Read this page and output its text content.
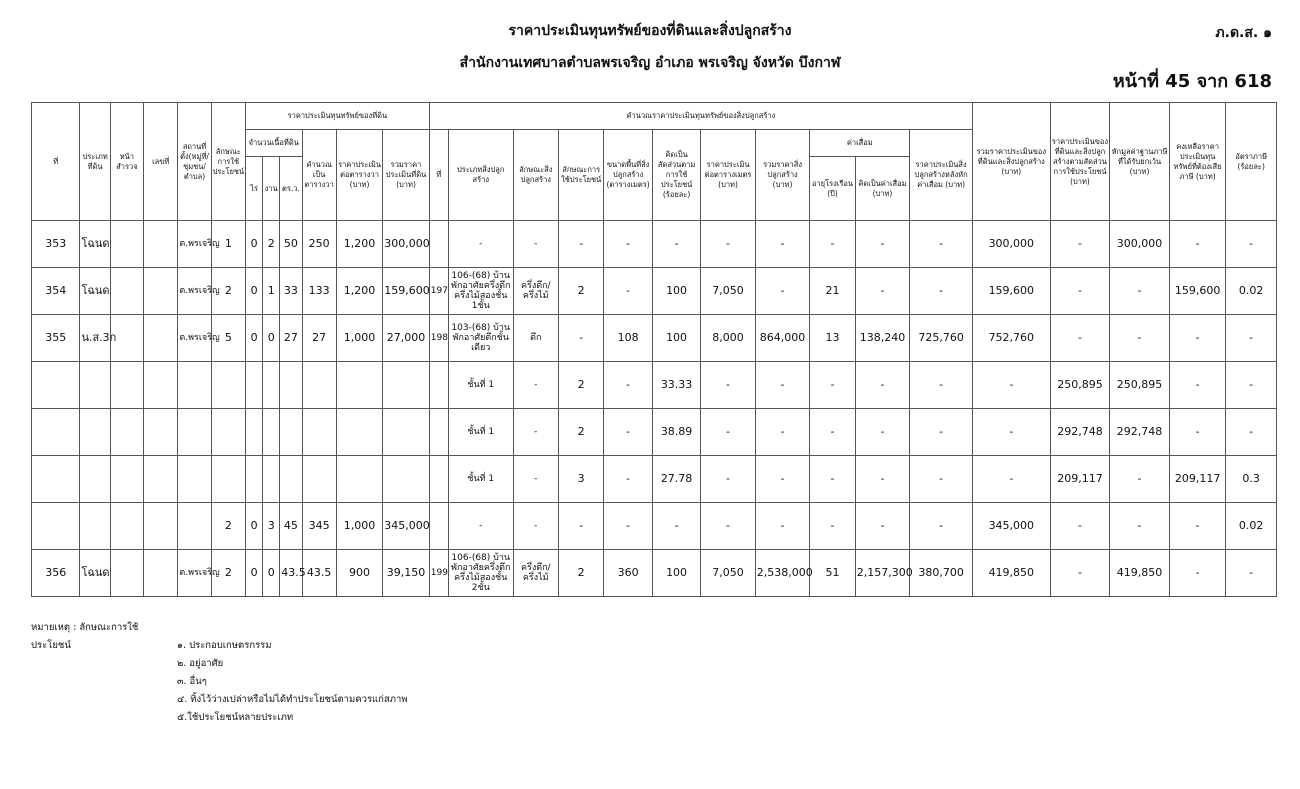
ราคาประเมินทุนทรัพย์ของที่ดินและสิ่งปลูกสร้าง
สำนักงานเทศบาลตำบลพรเจริญ อำเภอ พรเจริญ จังหวัด บึงกาฬ
ภ.ด.ส. ๑
หน้าที่ 45 จาก 618
ที่	ประเภทที่ดิน	หน้าสำรวจ	เลขที่	สถานที่ตั้ง(หมู่ที่/ชุมชน/ตำบล)	ลักษณะการใช้ประโยชน์	ราคาประเมินทุนทรัพย์ของที่ดิน						คำนวณราคาประเมินทุนทรัพย์ของสิ่งปลูกสร้าง											รวมราคาประเมินของที่ดินและสิ่งปลูกสร้าง (บาท)	ราคาประเมินของที่ดินและสิ่งปลูกสร้างตามสัดส่วนการใช้ประโยชน์ (บาท)	หักมูลค่าฐานภาษีที่ได้รับยกเว้น (บาท)	คงเหลือราคาประเมินทุนทรัพย์ที่ต้องเสียภาษี (บาท)	อัตราภาษี (ร้อยละ)
						จำนวนเนื้อที่ดิน			คำนวณเป็นตารางวา	ราคาประเมินต่อตารางวา (บาท)	รวมราคาประเมินที่ดิน (บาท)	ที่	ประเภทสิ่งปลูกสร้าง	ลักษณะสิ่งปลูกสร้าง	ลักษณะการใช้ประโยชน์	ขนาดพื้นที่สิ่งปลูกสร้าง (ตารางเมตร)	คิดเป็นสัดส่วนตามการใช้ประโยชน์ (ร้อยละ)	ราคาประเมินต่อตารางเมตร (บาท)	รวมราคาสิ่งปลูกสร้าง (บาท)	ค่าเสื่อม		ราคาประเมินสิ่งปลูกสร้างหลังหักค่าเสื่อม (บาท)					
						ไร่	งาน	ตร.ว.												อายุโรงเรือน (ปี)	คิดเป็นค่าเสื่อม (บาท)						
353	โฉนด			ต.พรเจริญ	1	0	2	50	250	1,200	300,000		-	-	-	-	-	-	-	-	-	-	300,000	-	300,000	-	-
354	โฉนด			ต.พรเจริญ	2	0	1	33	133	1,200	159,600	197	106-(68) บ้านพักอาศัยครึ่งตึกครึ่งไม้สองชั้น 1ชั้น	ครึ่งตึก/ครึ่งไม้	2	-	100	7,050	-	21	-	-	159,600	-	-	159,600	0.02
355	น.ส.3ก			ต.พรเจริญ	5	0	0	27	27	1,000	27,000	198	103-(68) บ้านพักอาศัยตึกชั้นเดียว	ตึก	-	108	100	8,000	864,000	13	138,240	725,760	752,760	-	-	-	-
													ชั้นที่ 1	-	2	-	33.33	-	-	-	-	-	-	250,895	250,895	-	-
													ชั้นที่ 1	-	2	-	38.89	-	-	-	-	-	-	292,748	292,748	-	-
													ชั้นที่ 1	-	3	-	27.78	-	-	-	-	-	-	209,117	-	209,117	0.3
					2	0	3	45	345	1,000	345,000		-	-	-	-	-	-	-	-	-	-	345,000	-	-	-	0.02
356	โฉนด			ต.พรเจริญ	2	0	0	43.5	43.5	900	39,150	199	106-(68) บ้านพักอาศัยครึ่งตึกครึ่งไม้สองชั้น 2ชั้น	ครึ่งตึก/ครึ่งไม้	2	360	100	7,050	2,538,000	51	2,157,300	380,700	419,850	-	419,850	-	-
หมายเหตุ : ลักษณะการใช้ประโยชน์	๑. ประกอบเกษตรกรรม
๒. อยู่อาศัย
๓. อื่นๆ
๔. ทิ้งไว้ว่างเปล่าหรือไม่ได้ทำประโยชน์ตามควรแก่สภาพ
๕.ใช้ประโยชน์หลายประเภท
